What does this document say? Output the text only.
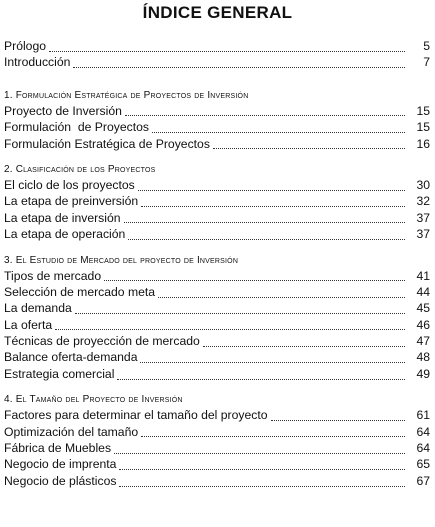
ÍNDICE GENERAL
Prólogo	5
Introducción	7
1. Formulación Estratégica de Proyectos de Inversión
Proyecto de Inversión	15
Formulación  de Proyectos	15
Formulación Estratégica de Proyectos	16
2. Clasificación de los Proyectos
El ciclo de los proyectos	30
La etapa de preinversión	32
La etapa de inversión	37
La etapa de operación	37
3. El Estudio de Mercado del proyecto de Inversión
Tipos de mercado	41
Selección de mercado meta	44
La demanda	45
La oferta	46
Técnicas de proyección de mercado	47
Balance oferta-demanda	48
Estrategia comercial	49
4. El Tamaño del Proyecto de Inversión
Factores para determinar el tamaño del proyecto	61
Optimización del tamaño	64
Fábrica de Muebles	64
Negocio de imprenta	65
Negocio de plásticos	67
